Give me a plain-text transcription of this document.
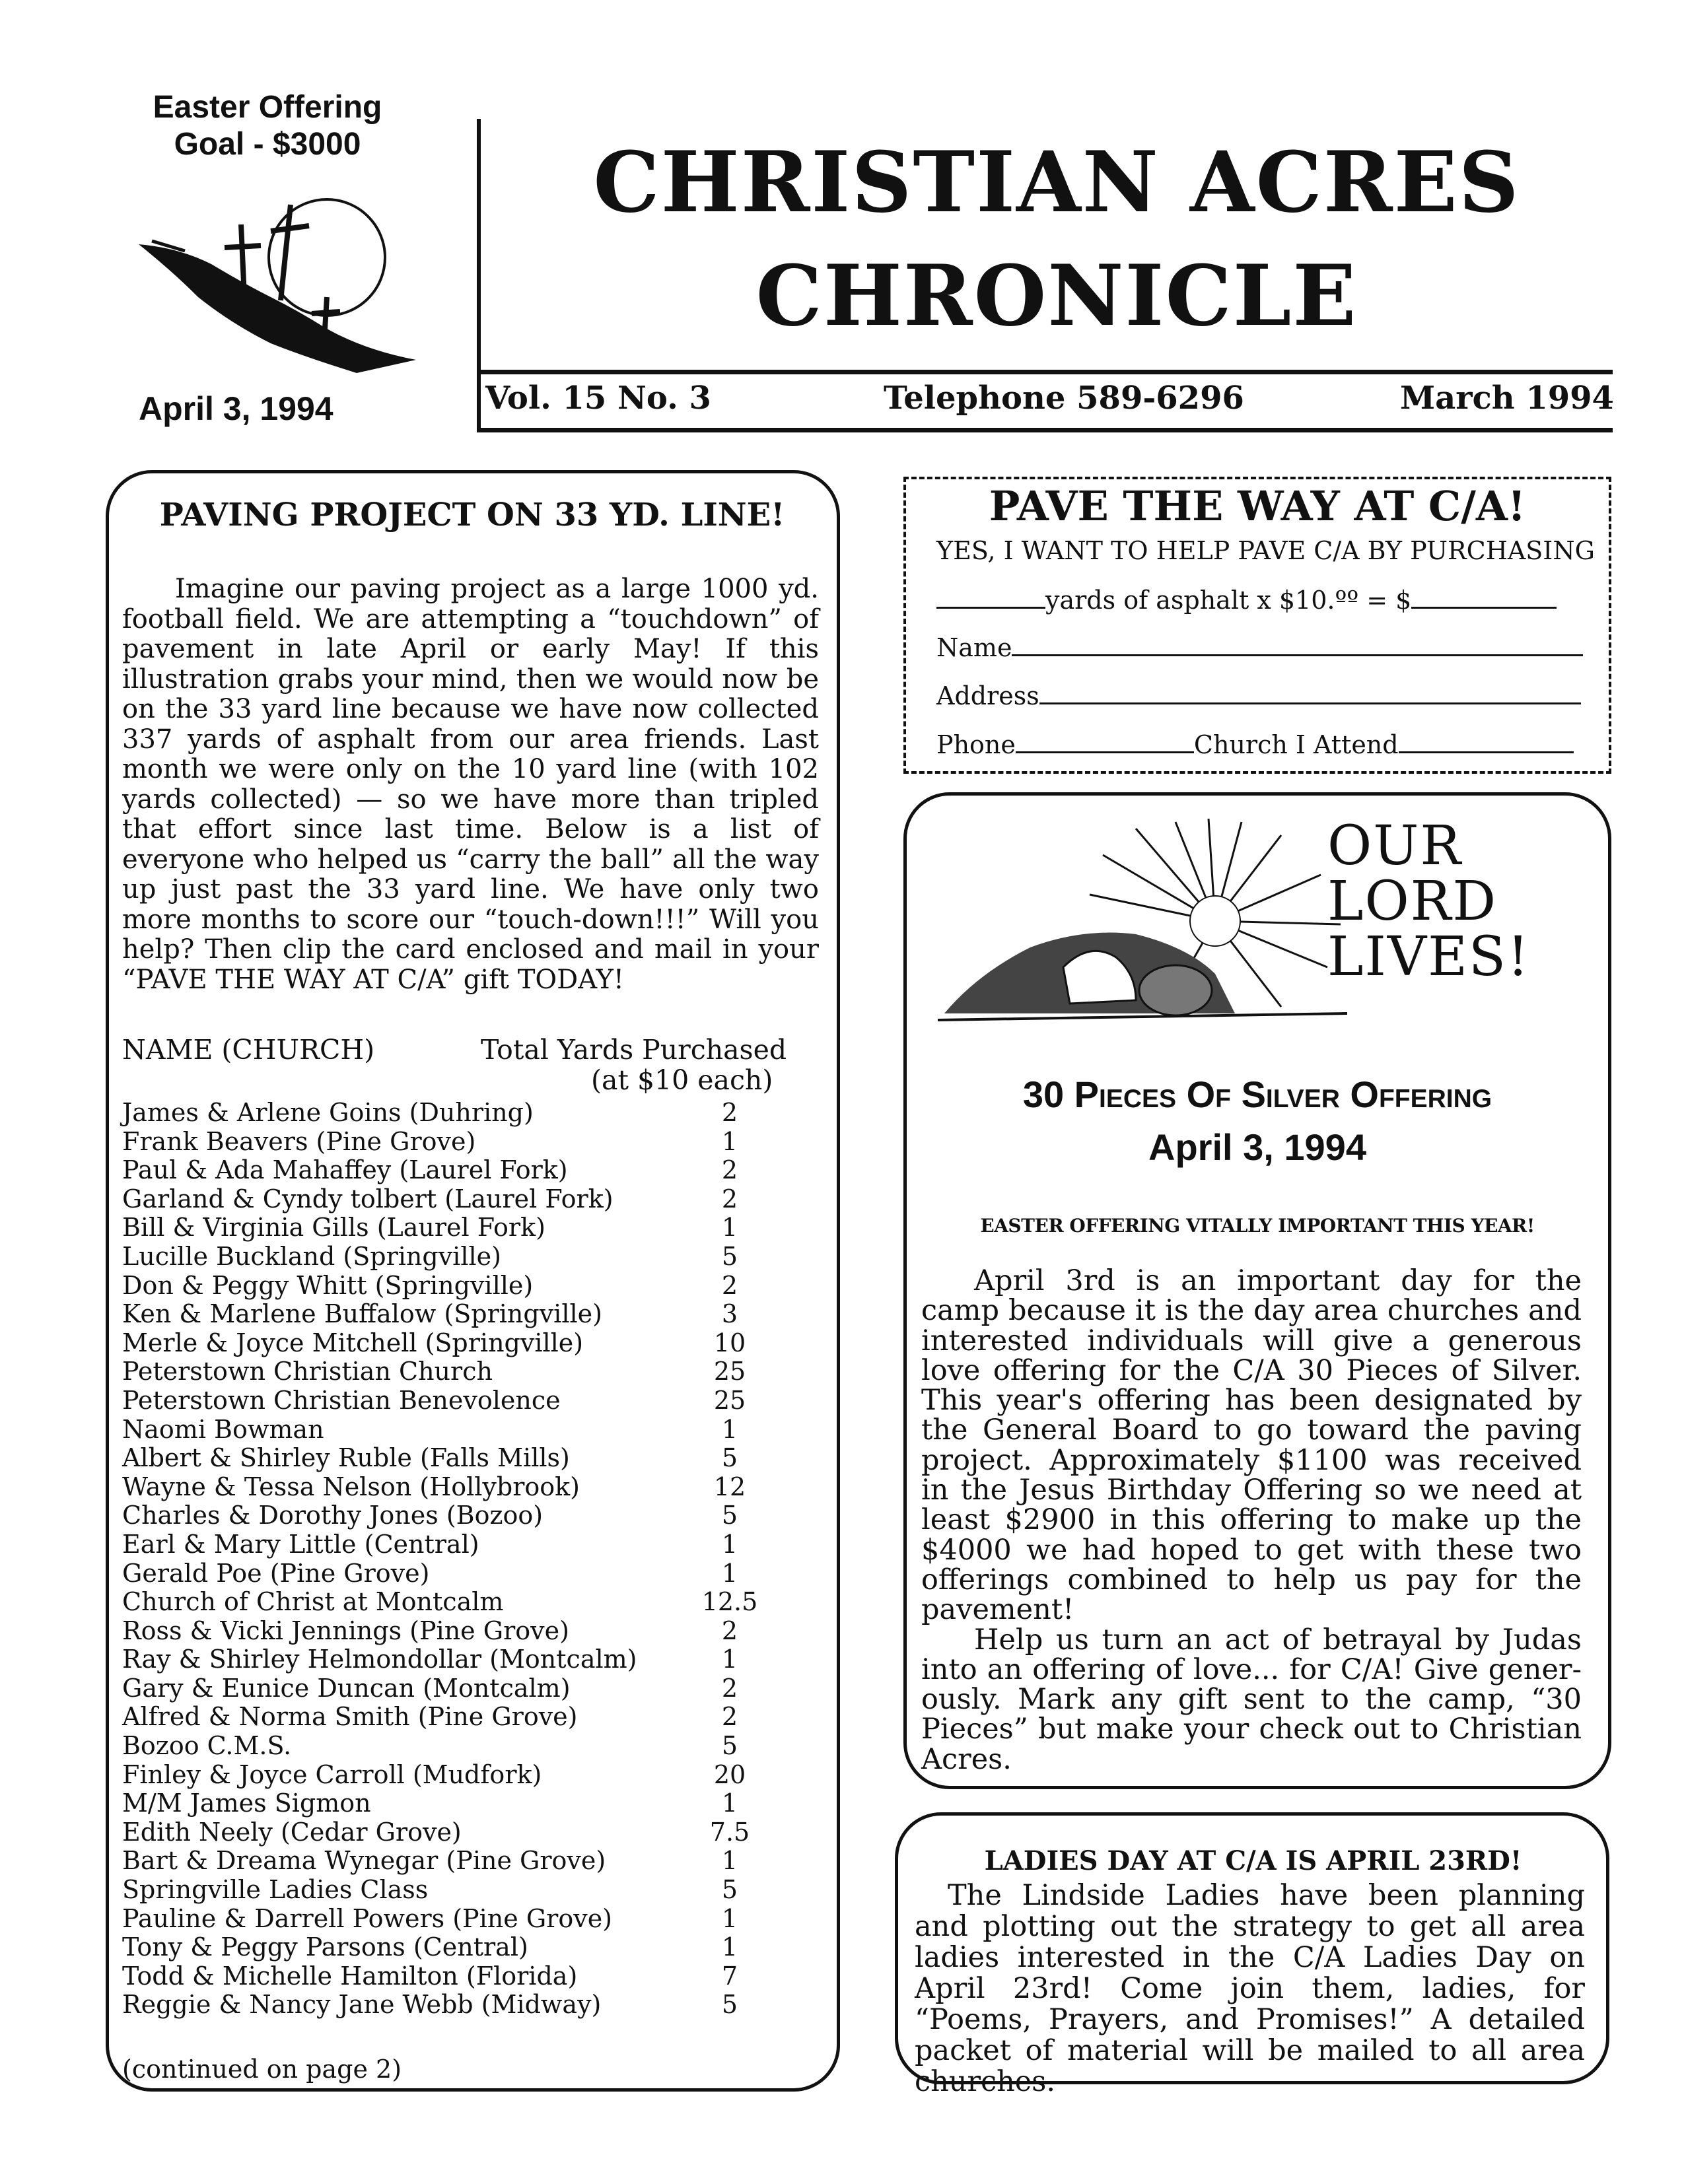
Easter Offering
Goal - $3000
April 3, 1994
CHRISTIAN ACRES
CHRONICLE
Vol. 15 No. 3	Telephone 589-6296	March 1994
PAVING PROJECT ON 33 YD. LINE!
Imagine our paving project as a large 1000 yd. football field. We are attempting a “touchdown” of pavement in late April or early May! If this illustration grabs your mind, then we would now be on the 33 yard line because we have now collected 337 yards of asphalt from our area friends. Last month we were only on the 10 yard line (with 102 yards collected) — so we have more than tripled that effort since last time. Below is a list of everyone who helped us “carry the ball” all the way up just past the 33 yard line. We have only two more months to score our “touch-down!!!” Will you help? Then clip the card enclosed and mail in your “PAVE THE WAY AT C/A” gift TODAY!
NAME (CHURCH)	Total Yards Purchased
(at $10 each)
James & Arlene Goins (Duhring)	2
Frank Beavers (Pine Grove)	1
Paul & Ada Mahaffey (Laurel Fork)	2
Garland & Cyndy tolbert (Laurel Fork)	2
Bill & Virginia Gills (Laurel Fork)	1
Lucille Buckland (Springville)	5
Don & Peggy Whitt (Springville)	2
Ken & Marlene Buffalow (Springville)	3
Merle & Joyce Mitchell (Springville)	10
Peterstown Christian Church	25
Peterstown Christian Benevolence	25
Naomi Bowman	1
Albert & Shirley Ruble (Falls Mills)	5
Wayne & Tessa Nelson (Hollybrook)	12
Charles & Dorothy Jones (Bozoo)	5
Earl & Mary Little (Central)	1
Gerald Poe (Pine Grove)	1
Church of Christ at Montcalm	12.5
Ross & Vicki Jennings (Pine Grove)	2
Ray & Shirley Helmondollar (Montcalm)	1
Gary & Eunice Duncan (Montcalm)	2
Alfred & Norma Smith (Pine Grove)	2
Bozoo C.M.S.	5
Finley & Joyce Carroll (Mudfork)	20
M/M James Sigmon	1
Edith Neely (Cedar Grove)	7.5
Bart & Dreama Wynegar (Pine Grove)	1
Springville Ladies Class	5
Pauline & Darrell Powers (Pine Grove)	1
Tony & Peggy Parsons (Central)	1
Todd & Michelle Hamilton (Florida)	7
Reggie & Nancy Jane Webb (Midway)	5
(continued on page 2)
PAVE THE WAY AT C/A!
YES, I WANT TO HELP PAVE C/A BY PURCHASING
yards of asphalt x $10.ºº = $
Name
Address
Phone	Church I Attend
OUR
LORD
LIVES!
30 Pieces Of Silver Offering
April 3, 1994
EASTER OFFERING VITALLY IMPORTANT THIS YEAR!

April 3rd is an important day for the camp because it is the day area churches and interested individuals will give a generous love offering for the C/A 30 Pieces of Silver. This year's offering has been designated by the General Board to go toward the paving project. Approximately $1100 was received in the Jesus Birthday Offering so we need at least $2900 in this offering to make up the $4000 we had hoped to get with these two offerings combined to help us pay for the pavement!

Help us turn an act of betrayal by Judas into an offering of love... for C/A! Give gener-ously. Mark any gift sent to the camp, “30 Pieces” but make your check out to Christian Acres.

LADIES DAY AT C/A IS APRIL 23RD!
The Lindside Ladies have been planning and plotting out the strategy to get all area ladies interested in the C/A Ladies Day on April 23rd! Come join them, ladies, for “Poems, Prayers, and Promises!” A detailed packet of material will be mailed to all area churches.
